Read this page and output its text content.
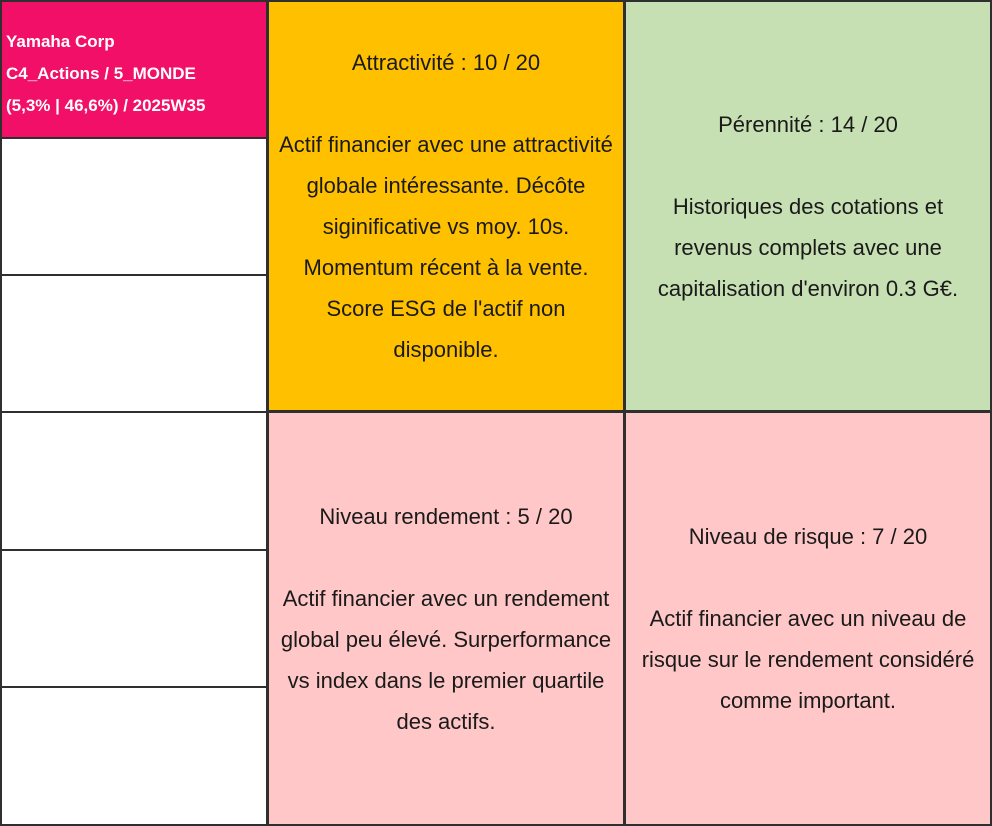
Yamaha Corp
C4_Actions / 5_MONDE
(5,3% | 46,6%) / 2025W35
Attractivité : 10 / 20
Actif financier avec une attractivité globale intéressante. Décôte siginificative vs moy. 10s. Momentum récent à la vente. Score ESG de l'actif non disponible.
Pérennité : 14 / 20
Historiques des cotations et revenus complets avec une capitalisation d'environ 0.3 G€.
Niveau rendement : 5 / 20
Actif financier avec un rendement global peu élevé. Surperformance vs index dans le premier quartile des actifs.
Niveau de risque : 7 / 20
Actif financier avec un niveau de risque sur le rendement considéré comme important.
